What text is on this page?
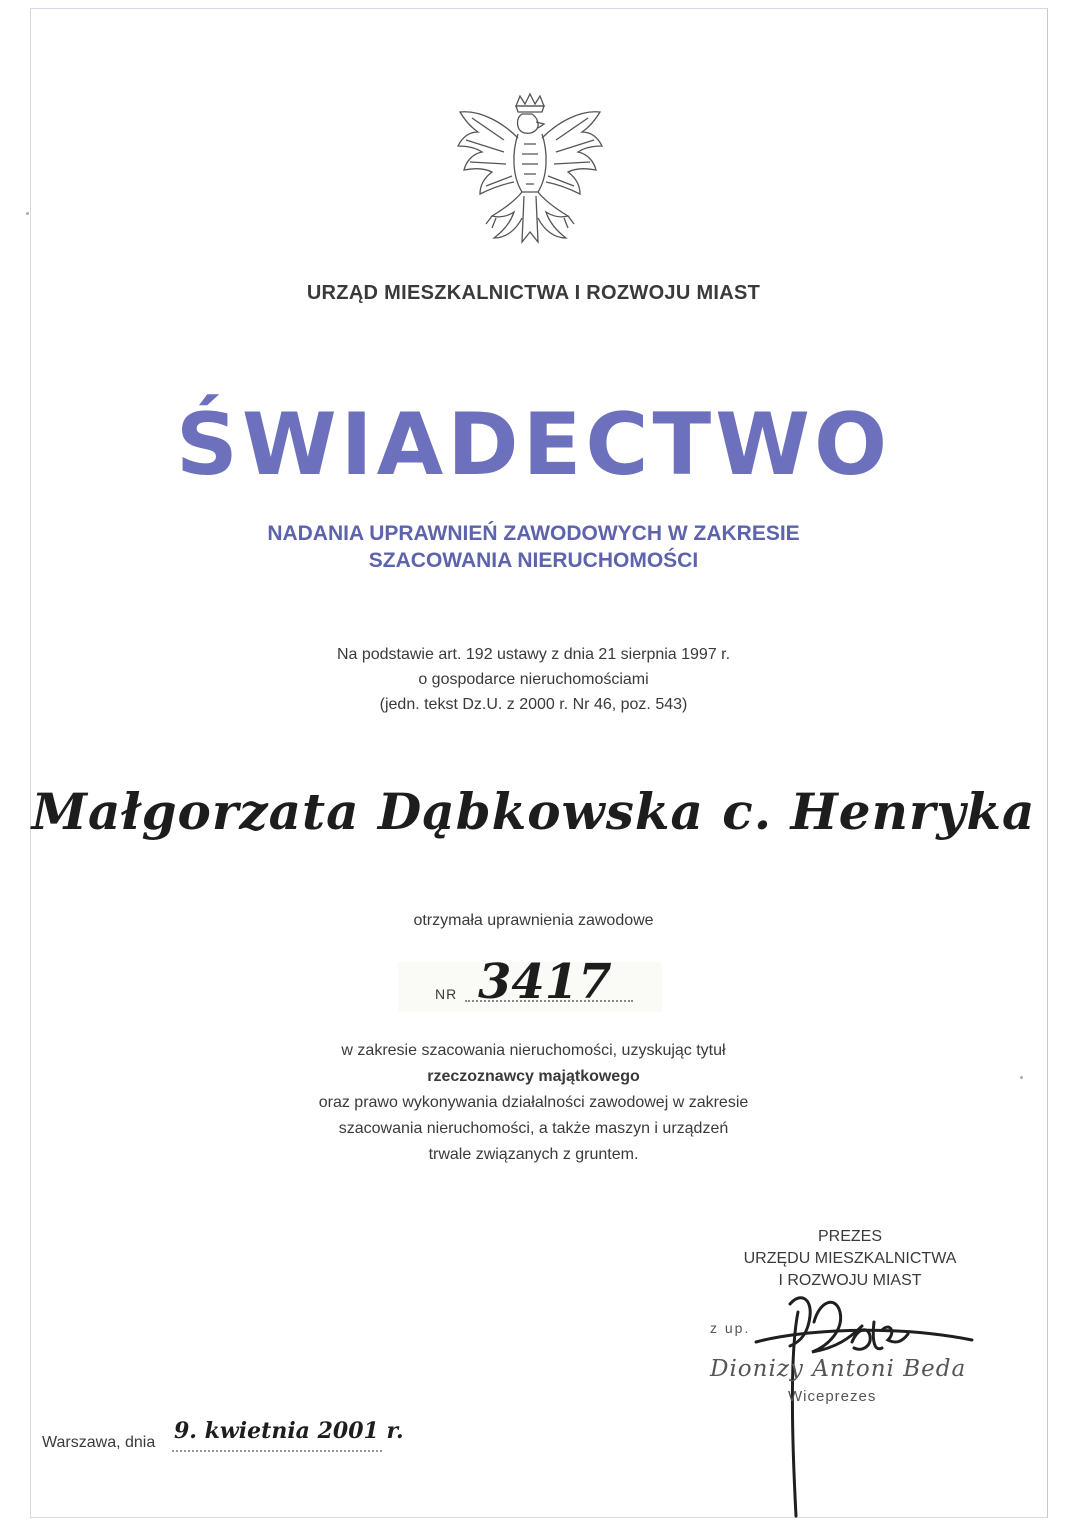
URZĄD MIESZKALNICTWA I ROZWOJU MIAST
ŚWIADECTWO
NADANIA UPRAWNIEŃ ZAWODOWYCH W ZAKRESIE
SZACOWANIA NIERUCHOMOŚCI
Na podstawie art. 192 ustawy z dnia 21 sierpnia 1997 r.
o gospodarce nieruchomościami
(jedn. tekst Dz.U. z 2000 r. Nr 46, poz. 543)
Małgorzata Dąbkowska c. Henryka
otrzymała uprawnienia zawodowe
NR 3417
w zakresie szacowania nieruchomości, uzyskując tytuł
rzeczoznawcy majątkowego
oraz prawo wykonywania działalności zawodowej w zakresie
szacowania nieruchomości, a także maszyn i urządzeń
trwale związanych z gruntem.
PREZES
URZĘDU MIESZKALNICTWA
I ROZWOJU MIAST
z up.
Dionizy Antoni Beda
Wiceprezes
Warszawa, dnia 9. kwietnia 2001 r.
